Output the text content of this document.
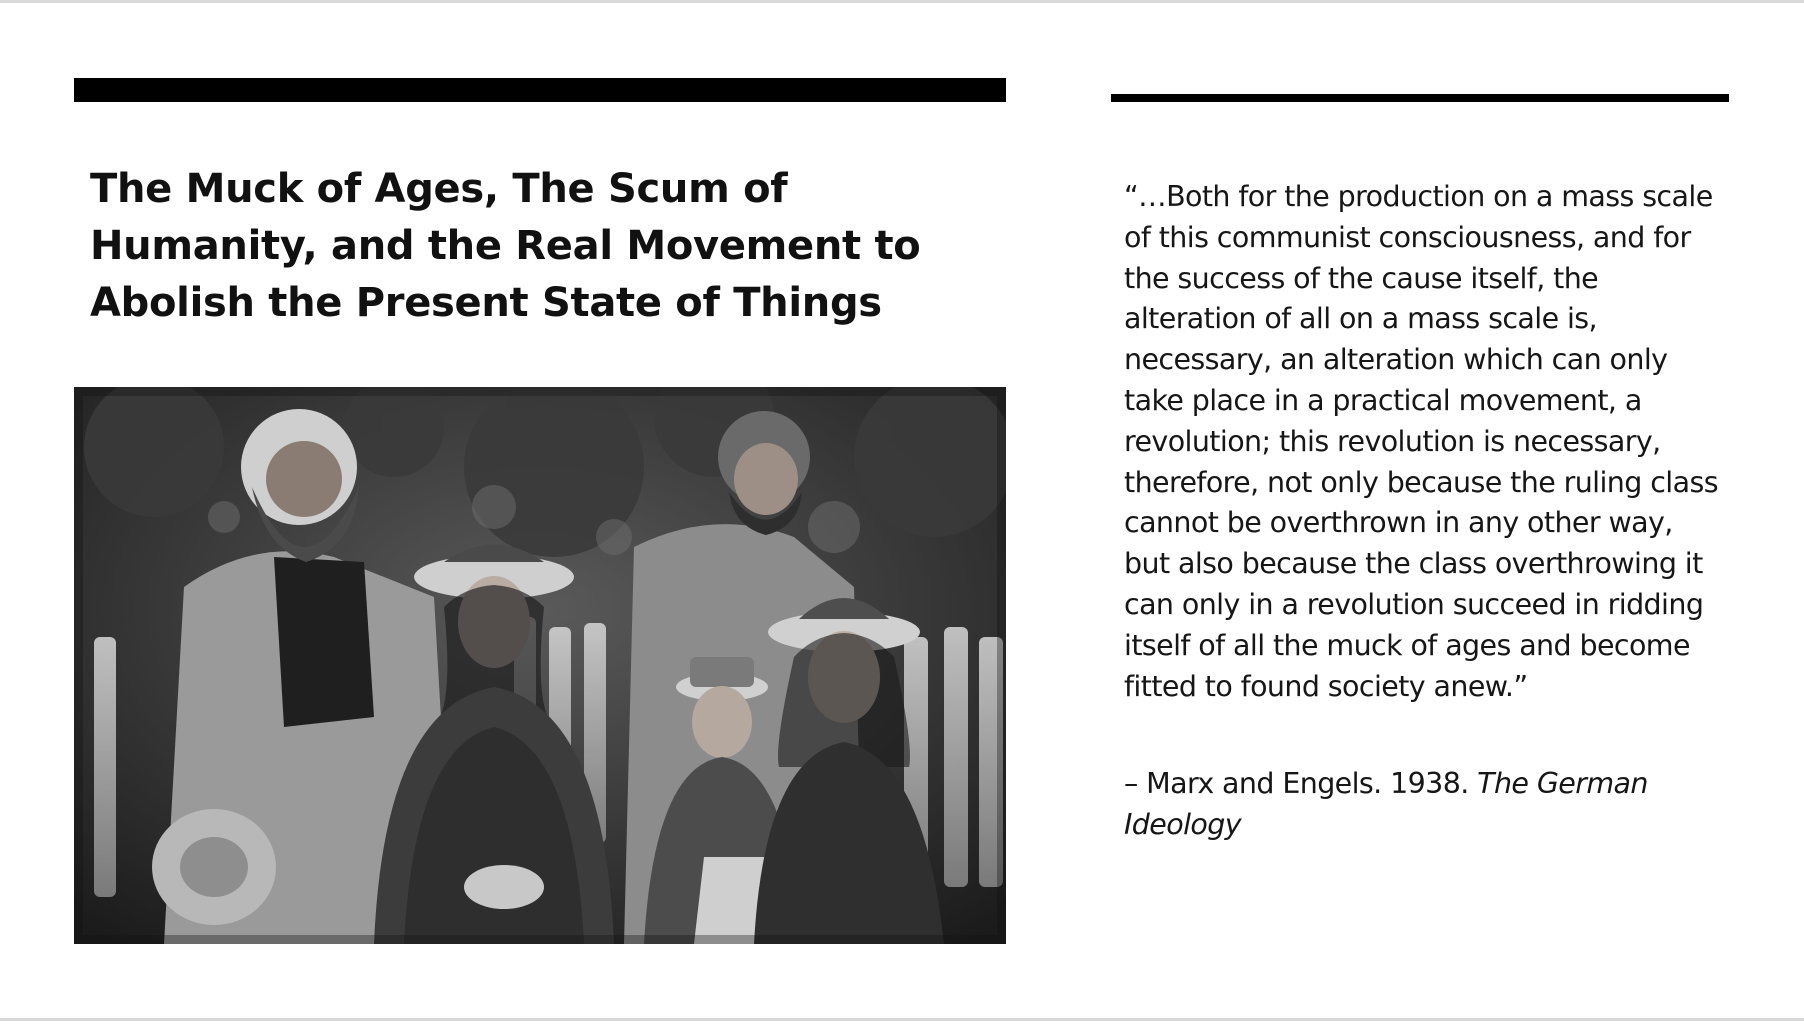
The Muck of Ages, The Scum of Humanity, and the Real Movement to Abolish the Present State of Things

“…Both for the production on a mass scale of this communist consciousness, and for the success of the cause itself, the alteration of all on a mass scale is, necessary, an alteration which can only take place in a practical movement, a revolution; this revolution is necessary, therefore, not only because the ruling class cannot be overthrown in any other way, but also because the class overthrowing it can only in a revolution succeed in ridding itself of all the muck of ages and become fitted to found society anew.”

– Marx and Engels. 1938. The German Ideology
